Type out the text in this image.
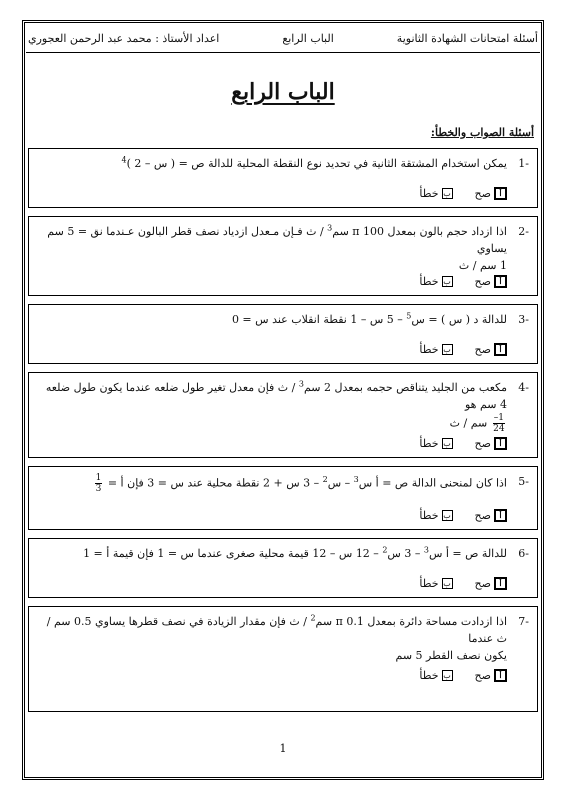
أسئلة امتحانات الشهادة الثانوية
الباب الرابع
اعداد الأستاذ : محمد عبد الرحمن العجوري
الباب الرابع
أسئلة الصواب والخطأ:
-1
يمكن استخدام المشتقة الثانية في تحديد نوع النقطة المحلية للدالة ص = ( س – 2 )$^4$
أ
صح
ب
خطأ
-2
اذا ازداد حجم بالون بمعدل 100 π سم$^3$ / ث فـإن مـعدل ازدياد نصف قطر البالون عـندما نق = 5 سم يساوي
1 سم / ث
أ
صح
ب
خطأ
-3
للدالة د ( س ) = س$^5$ – 5 س – 1 نقطة انقلاب عند س = 0
أ
صح
ب
خطأ
-4
مكعب من الجليد يتناقص حجمه بمعدل 2 سم$^3$ / ث فإن معدل تغير طول ضلعه عندما يكون طول ضلعه 4 سم هو

$\frac{1-}{24}$
سم / ث
أ
صح
ب
خطأ
-5
اذا كان لمنحنى الدالة ص = أ س$^3$ – س$^2$ – 3 س + 2 نقطة محلية عند س = 3 فإن أ =
$\frac{1}{3}$
أ
صح
ب
خطأ
-6
للدالة ص = أ س$^3$ – 3 س$^2$ – 12 س – 12 قيمة محلية صغرى عندما س = 1 فإن قيمة أ = 1
أ
صح
ب
خطأ
-7
اذا ازدادت مساحة دائرة بمعدل 0.1 π سم$^2$ / ث فإن مقدار الزيادة في نصف قطرها يساوي 0.5 سم / ث عندما
يكون نصف القطر 5 سم
أ
صح
ب
خطأ
1
